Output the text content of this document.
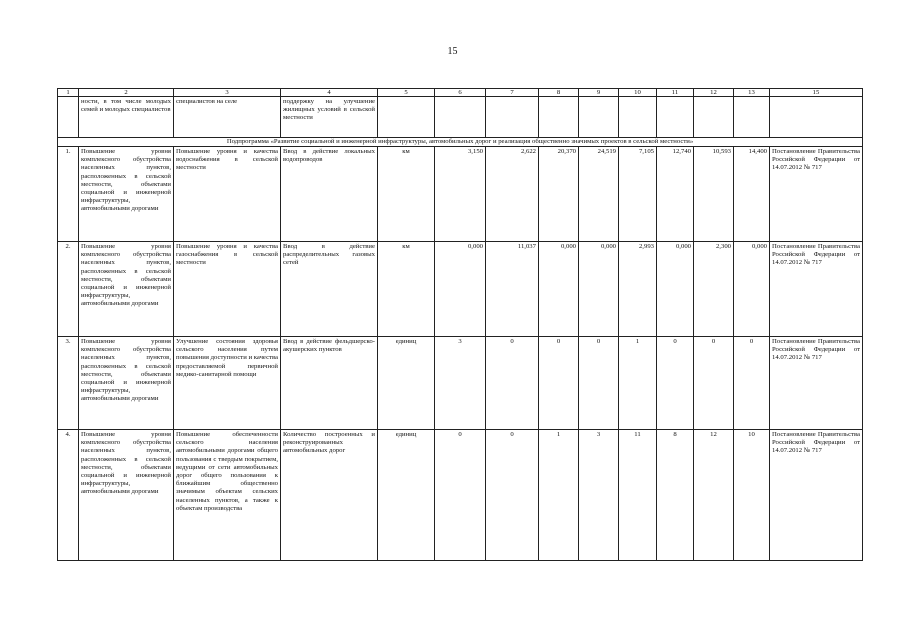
15
1	2	3	4	5	6	7	8	9	10	11	12	13	15
	ности, в том числе молодых семей и молодых специалистов	специалистов на селе	поддержку на улучшение жилищных условий в сельской местности										
Подпрограмма «Развитие социальной и инженерной инфраструктуры, автомобильных дорог и реализация общественно значимых проектов в сельской местности»													
1.	Повышение уровня комплексного обустройства населенных пунктов, расположенных в сельской местности, объектами социальной и инженерной инфраструктуры, автомобильными дорогами	Повышение уровня и качества водоснабжения в сельской местности	Ввод в действие локальных водопроводов	км	3,150	2,622	20,370	24,519	7,105	12,740	10,593	14,400	Постановление Правительства Российской Федерации от 14.07.2012 № 717
2.	Повышение уровня комплексного обустройства населенных пунктов, расположенных в сельской местности, объектами социальной и инженерной инфраструктуры, автомобильными дорогами	Повышение уровня и качества газоснабжения в сельской местности	Ввод в действие распределительных газовых сетей	км	0,000	11,037	0,000	0,000	2,993	0,000	2,300	0,000	Постановление Правительства Российской Федерации от 14.07.2012 № 717
3.	Повышение уровня комплексного обустройства населенных пунктов, расположенных в сельской местности, объектами социальной и инженерной инфраструктуры, автомобильными дорогами	Улучшение состояния здоровья сельского населения путем повышения доступности и качества предоставляемой первичной медико-санитарной помощи	Ввод в действие фельдшерско-акушерских пунктов	единиц	3	0	0	0	1	0	0	0	Постановление Правительства Российской Федерации от 14.07.2012 № 717
4.	Повышение уровня комплексного обустройства населенных пунктов, расположенных в сельской местности, объектами социальной и инженерной инфраструктуры, автомобильными дорогами	Повышение обеспеченности сельского населения автомобильными дорогами общего пользования с твердым покрытием, ведущими от сети автомобильных дорог общего пользования к ближайшим общественно значимым объектам сельских населенных пунктов, а также к объектам производства	Количество построенных и реконструированных автомобильных дорог	единиц	0	0	1	3	11	8	12	10	Постановление Правительства Российской Федерации от 14.07.2012 № 717
